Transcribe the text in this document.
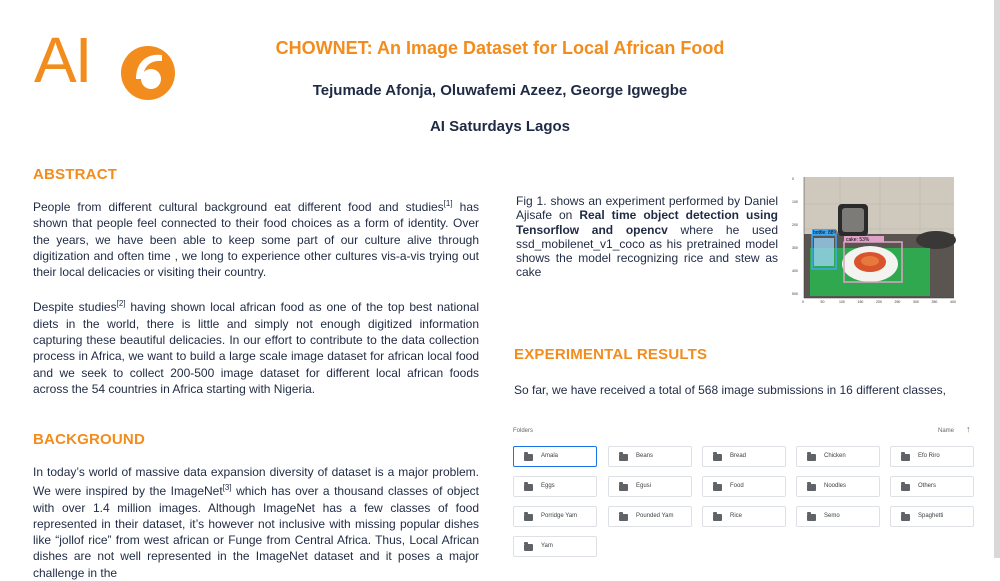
AI	CHOWNET: An Image Dataset for Local African Food
Tejumade Afonja, Oluwafemi Azeez, George Igwegbe
AI Saturdays Lagos
ABSTRACT

People from different cultural background eat different food and studies[1] has shown that people feel connected to their food choices as a form of identity. Over the years, we have been able to keep some part of our culture alive through digitization and often time , we long to experience other cultures vis-a-vis trying out their local delicacies or visiting their country.

Despite studies[2] having shown local african food as one of the top best national diets in the world, there is little and simply not enough digitized information capturing these beautiful delicacies. In our effort to contribute to the data collection process in Africa, we want to build a large scale image dataset for african local food and we seek to collect 200-500 image dataset for different local african foods across the 54 countries in Africa starting with Nigeria.

BACKGROUND

In today’s world of massive data expansion diversity of dataset is a major problem. We were inspired by the ImageNet[3] which has over a thousand classes of object with over 1.4 million images. Although ImageNet has a few classes of food represented in their dataset, it’s however not inclusive with missing popular dishes like “jollof rice” from west african or Funge from Central Africa. Thus, Local African dishes are not well represented in the ImageNet dataset and it poses a major challenge in the

Fig 1. shows an experiment performed by Daniel Ajisafe on Real time object detection using Tensorflow and opencv where he used ssd_mobilenet_v1_coco as his pretrained model shows the model recognizing rice and stew as cake
bottle: 88%
cake: 53%
0
100
200
300
400
500
0	50	100	150	200	250	300	350	400
EXPERIMENTAL RESULTS
So far, we have received a total of 568 image submissions in 16 different classes,
Folders	Name ↑
Amala	Beans	Bread	Chicken	Efo Riro
Eggs	Egusi	Food	Noodles	Others
Porridge Yam	Pounded Yam	Rice	Semo	Spaghetti
Yam
